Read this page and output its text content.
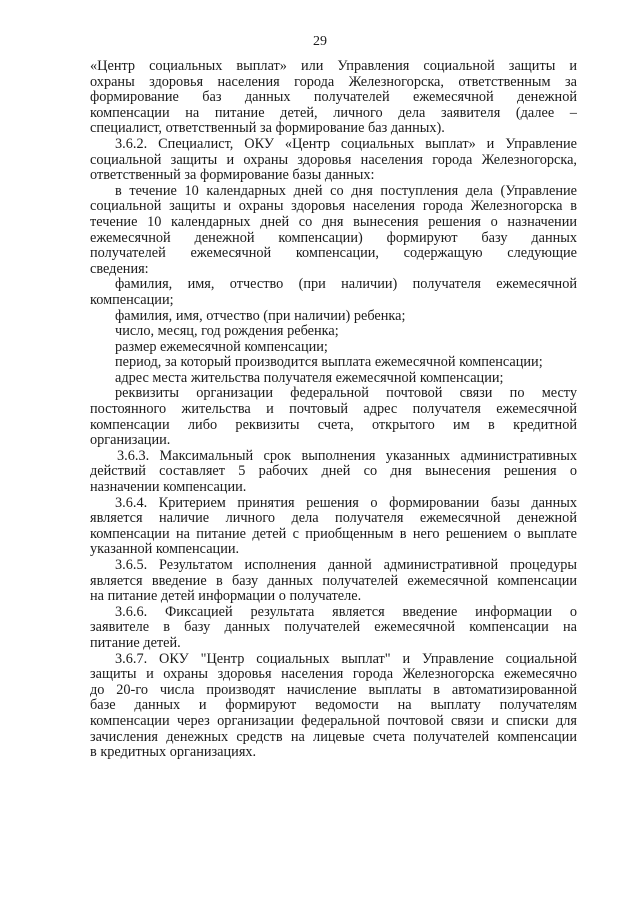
29
«Центр социальных выплат» или Управления социальной защиты и
охраны здоровья населения города Железногорска, ответственным за
формирование баз данных получателей ежемесячной денежной
компенсации на питание детей, личного дела заявителя (далее –
специалист, ответственный за формирование баз данных).
3.6.2. Специалист, ОКУ «Центр социальных выплат» и Управление
социальной защиты и охраны здоровья населения города Железногорска,
ответственный за формирование базы данных:
в течение 10 календарных дней со дня поступления дела (Управление
социальной защиты и охраны здоровья населения города Железногорска в
течение 10 календарных дней со дня вынесения решения о назначении
ежемесячной денежной компенсации) формируют базу данных
получателей ежемесячной компенсации, содержащую следующие
сведения:
фамилия, имя, отчество (при наличии) получателя ежемесячной
компенсации;
фамилия, имя, отчество (при наличии) ребенка;
число, месяц, год рождения ребенка;
размер ежемесячной компенсации;
период, за который производится выплата ежемесячной компенсации;
адрес места жительства получателя ежемесячной компенсации;
реквизиты организации федеральной почтовой связи по месту
постоянного жительства и почтовый адрес получателя ежемесячной
компенсации либо реквизиты счета, открытого им в кредитной
организации.
3.6.3. Максимальный срок выполнения указанных административных
действий составляет 5 рабочих дней со дня вынесения решения о
назначении компенсации.
3.6.4. Критерием принятия решения о формировании базы данных
является наличие личного дела получателя ежемесячной денежной
компенсации на питание детей с приобщенным в него решением о выплате
указанной компенсации.
3.6.5. Результатом исполнения данной административной процедуры
является введение в базу данных получателей ежемесячной компенсации
на питание детей информации о получателе.
3.6.6. Фиксацией результата является введение информации о
заявителе в базу данных получателей ежемесячной компенсации на
питание детей.
3.6.7. ОКУ "Центр социальных выплат" и Управление социальной
защиты и охраны здоровья населения города Железногорска ежемесячно
до 20-го числа производят начисление выплаты в автоматизированной
базе данных и формируют ведомости на выплату получателям
компенсации через организации федеральной почтовой связи и списки для
зачисления денежных средств на лицевые счета получателей компенсации
в кредитных организациях.
